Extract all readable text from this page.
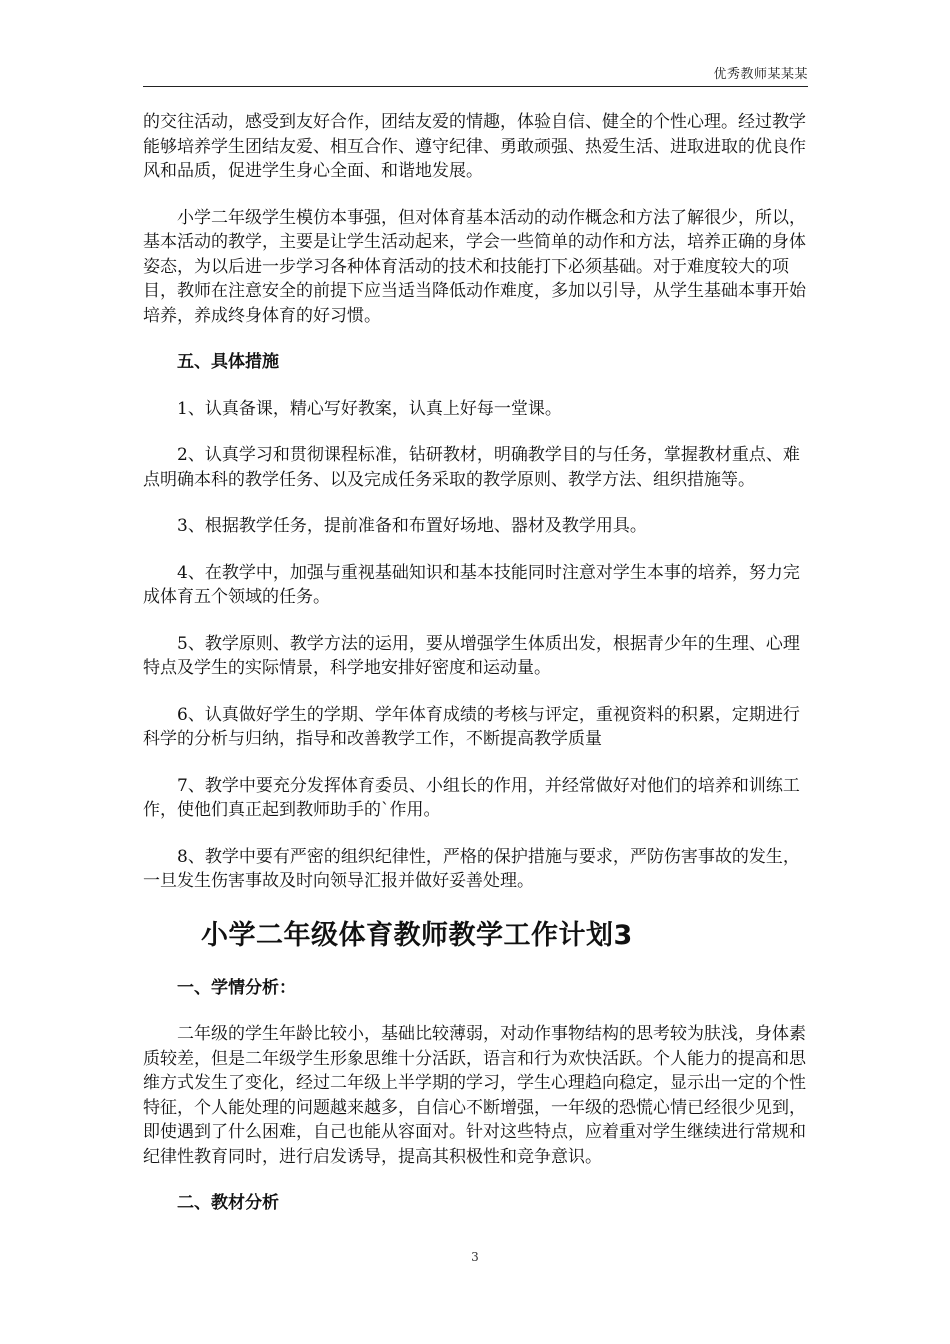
优秀教师某某某

的交往活动，感受到友好合作，团结友爱的情趣，体验自信、健全的个性心理。经过教学能够培养学生团结友爱、相互合作、遵守纪律、勇敢顽强、热爱生活、进取进取的优良作风和品质，促进学生身心全面、和谐地发展。

小学二年级学生模仿本事强，但对体育基本活动的动作概念和方法了解很少，所以，基本活动的教学，主要是让学生活动起来，学会一些简单的动作和方法，培养正确的身体姿态，为以后进一步学习各种体育活动的技术和技能打下必须基础。对于难度较大的项目，教师在注意安全的前提下应当适当降低动作难度，多加以引导，从学生基础本事开始培养，养成终身体育的好习惯。

五、具体措施

1、认真备课，精心写好教案，认真上好每一堂课。

2、认真学习和贯彻课程标准，钻研教材，明确教学目的与任务，掌握教材重点、难点明确本科的教学任务、以及完成任务采取的教学原则、教学方法、组织措施等。

3、根据教学任务，提前准备和布置好场地、器材及教学用具。

4、在教学中，加强与重视基础知识和基本技能同时注意对学生本事的培养，努力完成体育五个领域的任务。

5、教学原则、教学方法的运用，要从增强学生体质出发，根据青少年的生理、心理特点及学生的实际情景，科学地安排好密度和运动量。

6、认真做好学生的学期、学年体育成绩的考核与评定，重视资料的积累，定期进行科学的分析与归纳，指导和改善教学工作，不断提高教学质量

7、教学中要充分发挥体育委员、小组长的作用，并经常做好对他们的培养和训练工作，使他们真正起到教师助手的`作用。

8、教学中要有严密的组织纪律性，严格的保护措施与要求，严防伤害事故的发生，一旦发生伤害事故及时向领导汇报并做好妥善处理。

小学二年级体育教师教学工作计划3

一、学情分析：

二年级的学生年龄比较小，基础比较薄弱，对动作事物结构的思考较为肤浅，身体素质较差，但是二年级学生形象思维十分活跃，语言和行为欢快活跃。个人能力的提高和思维方式发生了变化，经过二年级上半学期的学习，学生心理趋向稳定，显示出一定的个性特征，个人能处理的问题越来越多，自信心不断增强，一年级的恐慌心情已经很少见到，即使遇到了什么困难，自己也能从容面对。针对这些特点，应着重对学生继续进行常规和纪律性教育同时，进行启发诱导，提高其积极性和竞争意识。

二、教材分析

3
